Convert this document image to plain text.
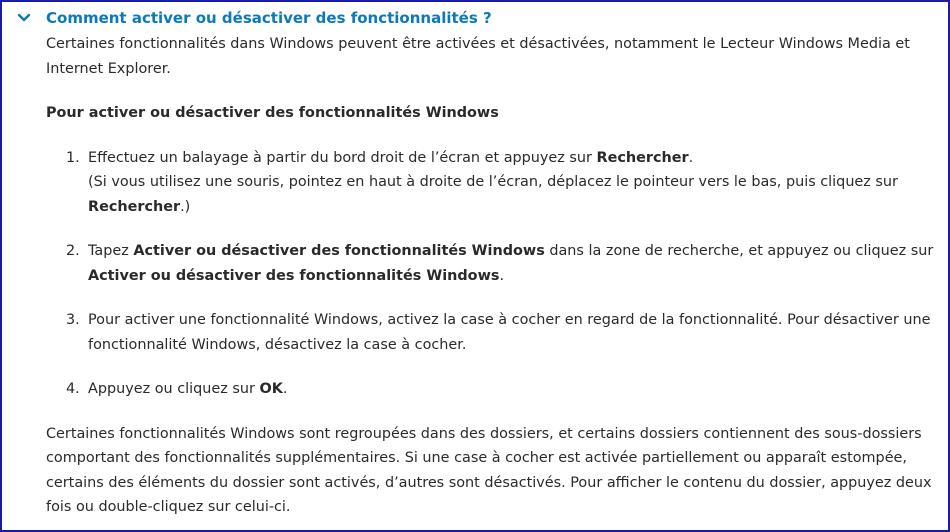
Comment activer ou désactiver des fonctionnalités ?

Certaines fonctionnalités dans Windows peuvent être activées et désactivées, notamment le Lecteur Windows Media et Internet Explorer.

Pour activer ou désactiver des fonctionnalités Windows

1. Effectuez un balayage à partir du bord droit de l’écran et appuyez sur Rechercher.
(Si vous utilisez une souris, pointez en haut à droite de l’écran, déplacez le pointeur vers le bas, puis cliquez sur Rechercher.)
2. Tapez Activer ou désactiver des fonctionnalités Windows dans la zone de recherche, et appuyez ou cliquez sur Activer ou désactiver des fonctionnalités Windows.
3. Pour activer une fonctionnalité Windows, activez la case à cocher en regard de la fonctionnalité. Pour désactiver une fonctionnalité Windows, désactivez la case à cocher.
4. Appuyez ou cliquez sur OK.

Certaines fonctionnalités Windows sont regroupées dans des dossiers, et certains dossiers contiennent des sous-dossiers comportant des fonctionnalités supplémentaires. Si une case à cocher est activée partiellement ou apparaît estompée, certains des éléments du dossier sont activés, d’autres sont désactivés. Pour afficher le contenu du dossier, appuyez deux fois ou double-cliquez sur celui-ci.
